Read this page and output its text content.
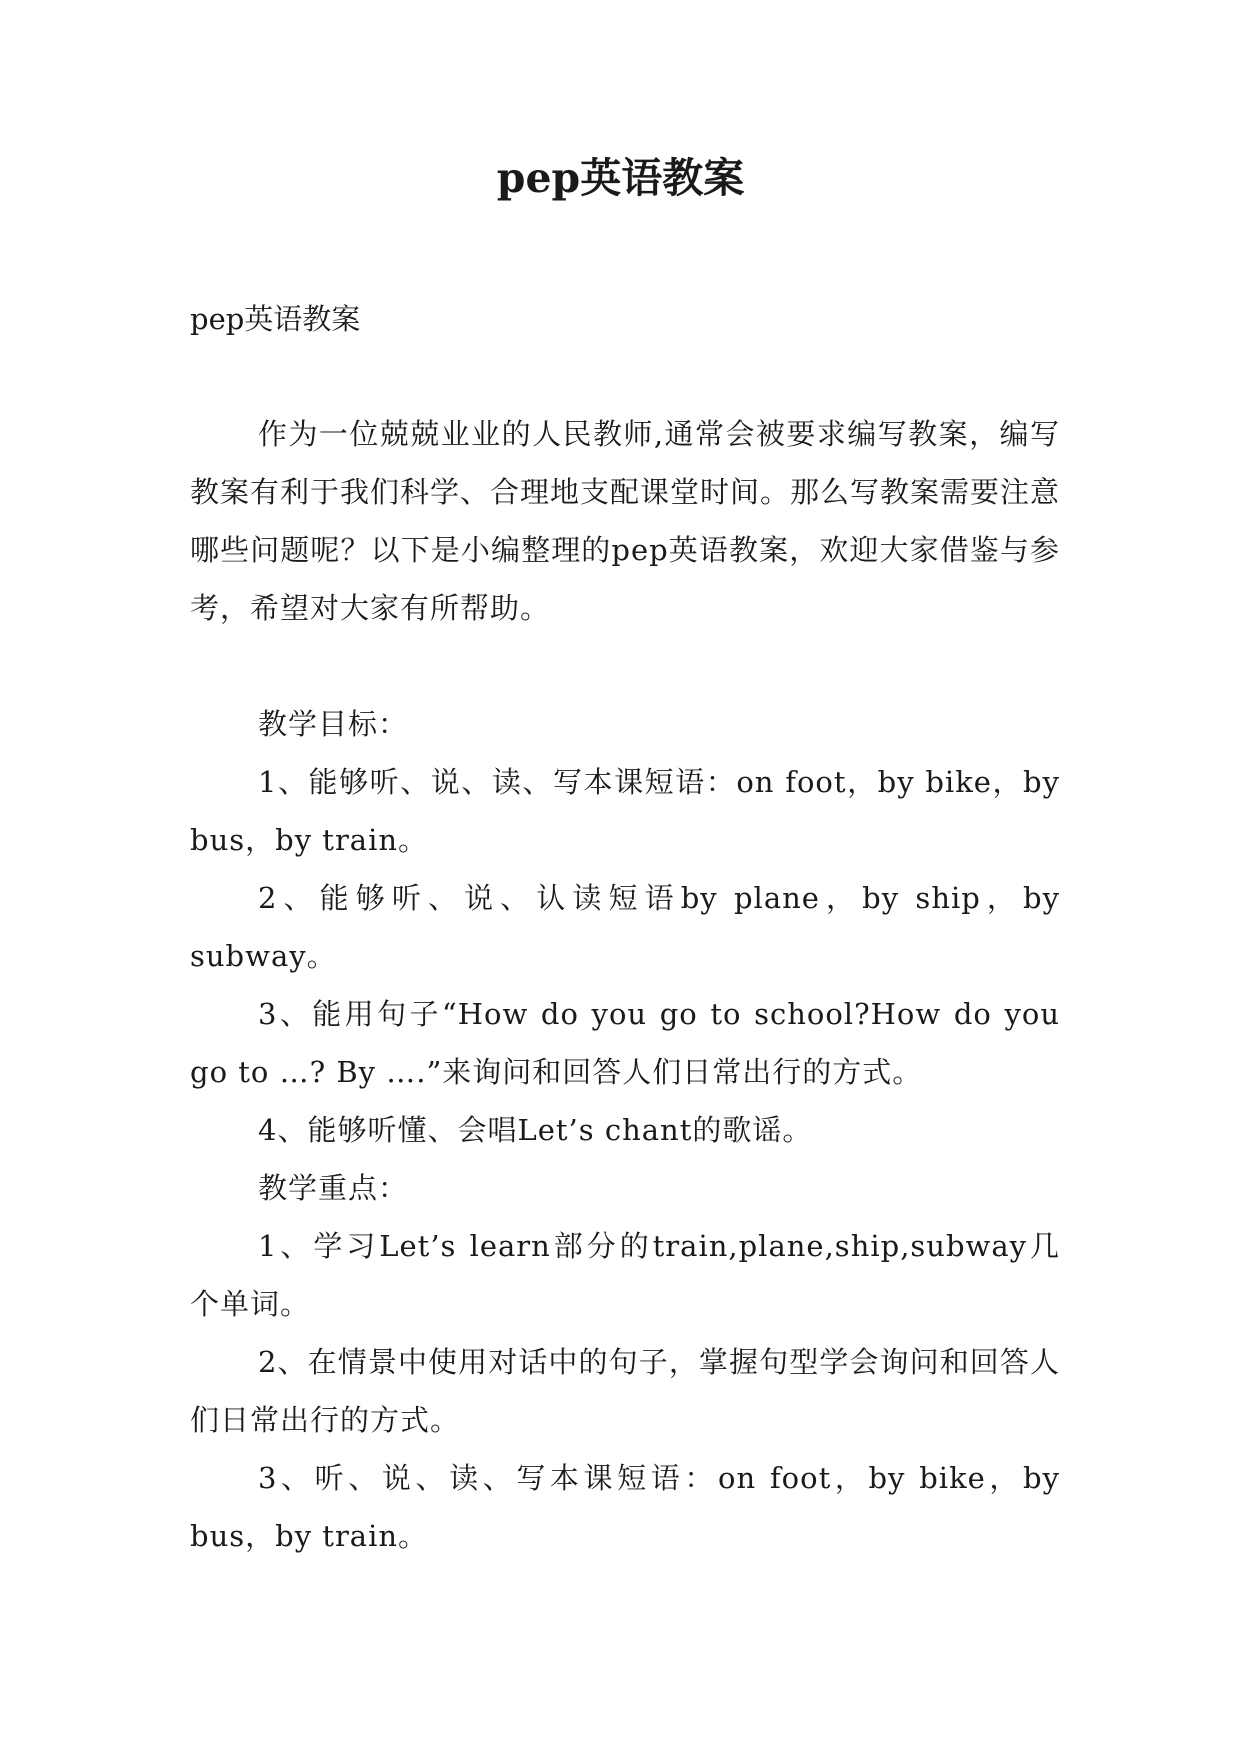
pep英语教案
pep英语教案

作为一位兢兢业业的人民教师,通常会被要求编写教案，编写教案有利于我们科学、合理地支配课堂时间。那么写教案需要注意哪些问题呢？以下是小编整理的pep英语教案，欢迎大家借鉴与参考，希望对大家有所帮助。

教学目标：

1、能够听、说、读、写本课短语：on foot，by bike，by bus，by train。

2、能够听、说、认读短语by plane，by ship，by subway。

3、能用句子“How do you go to school?How do you go to …? By ….”来询问和回答人们日常出行的方式。

4、能够听懂、会唱Let’s chant的歌谣。

教学重点：

1、学习Let’s learn部分的train,plane,ship,subway几个单词。

2、在情景中使用对话中的句子，掌握句型学会询问和回答人们日常出行的方式。

3、听、说、读、写本课短语：on foot，by bike，by bus，by train。
